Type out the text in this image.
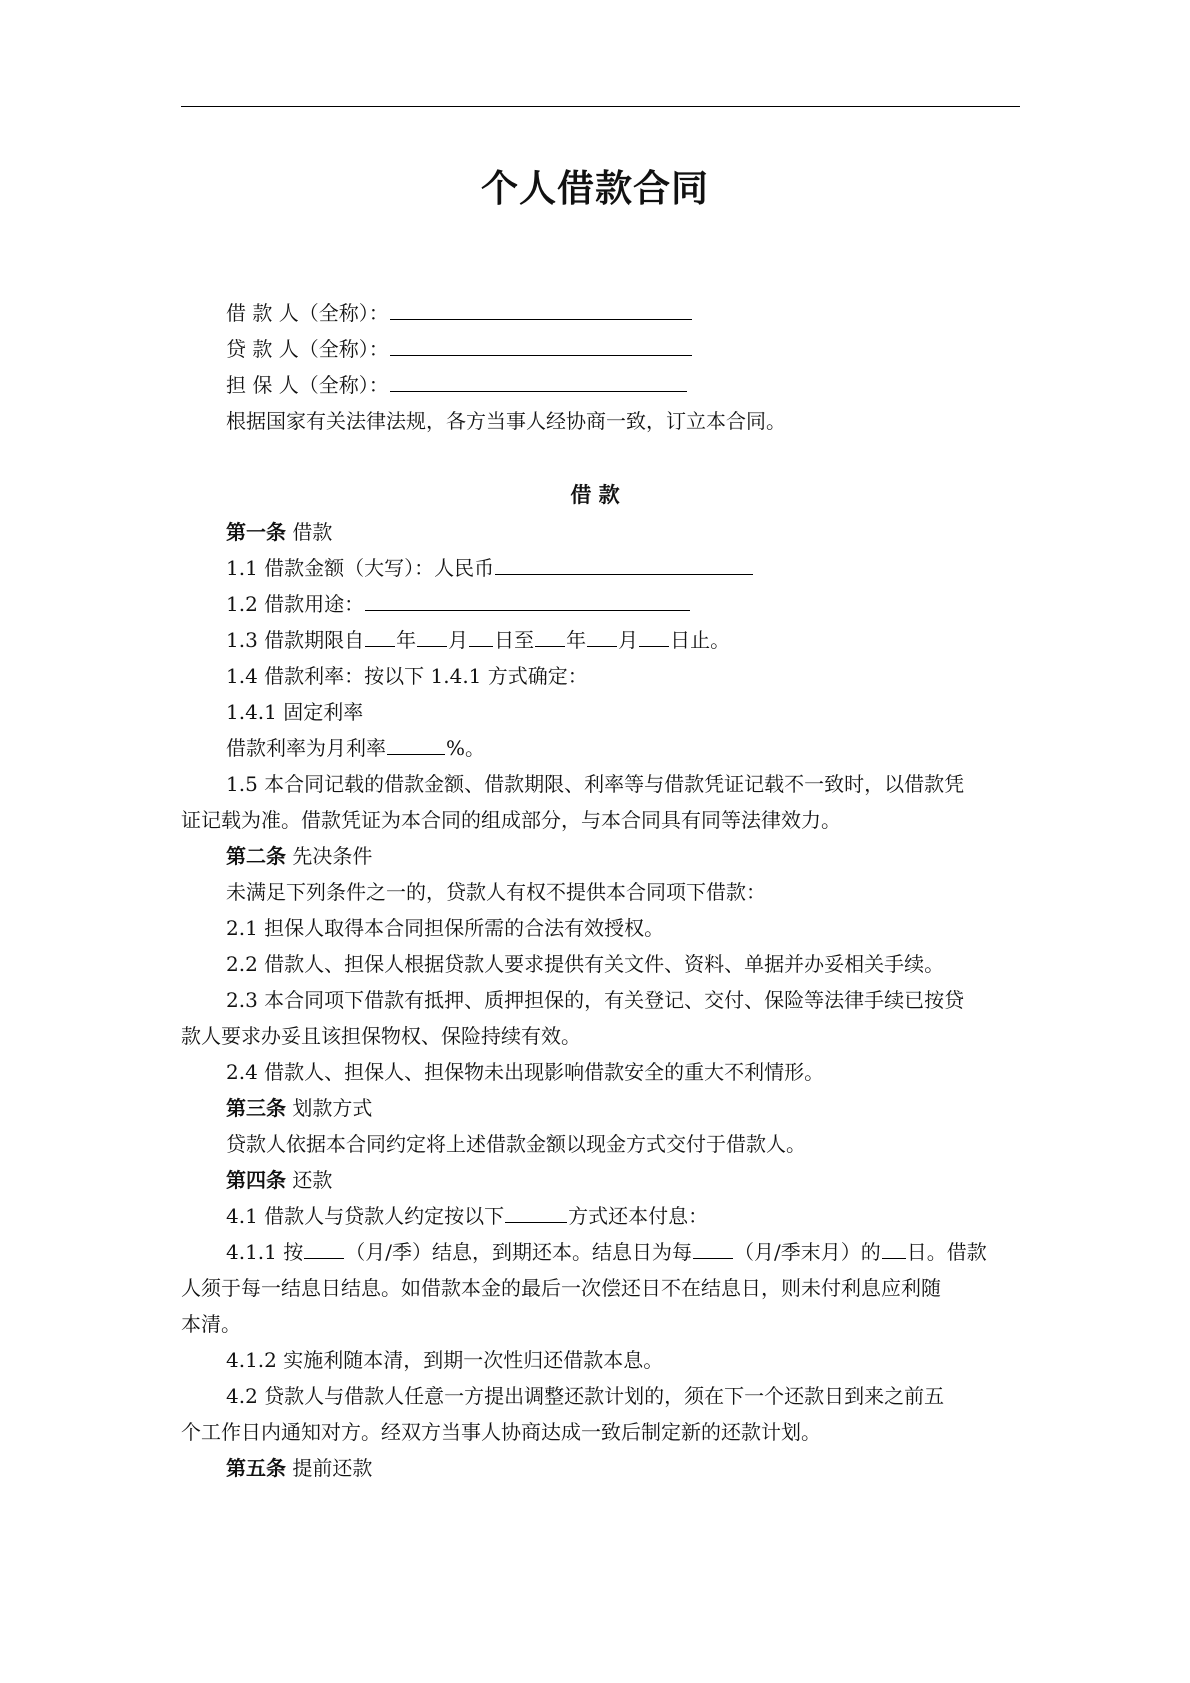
个人借款合同
借 款 人（全称）：
贷 款 人（全称）：
担 保 人（全称）：
根据国家有关法律法规，各方当事人经协商一致，订立本合同。
借 款
第一条 借款
1.1 借款金额（大写）：人民币
1.2 借款用途：
1.3 借款期限自 年 月 日至 年 月 日止。
1.4 借款利率：按以下 1.4.1 方式确定：
1.4.1 固定利率
借款利率为月利率	%。
1.5 本合同记载的借款金额、借款期限、利率等与借款凭证记载不一致时，以借款凭
证记载为准。借款凭证为本合同的组成部分，与本合同具有同等法律效力。
第二条 先决条件
未满足下列条件之一的，贷款人有权不提供本合同项下借款：
2.1 担保人取得本合同担保所需的合法有效授权。
2.2 借款人、担保人根据贷款人要求提供有关文件、资料、单据并办妥相关手续。
2.3 本合同项下借款有抵押、质押担保的，有关登记、交付、保险等法律手续已按贷
款人要求办妥且该担保物权、保险持续有效。
2.4 借款人、担保人、担保物未出现影响借款安全的重大不利情形。
第三条 划款方式
贷款人依据本合同约定将上述借款金额以现金方式交付于借款人。
第四条 还款
4.1 借款人与贷款人约定按以下	方式还本付息：
4.1.1 按 （月/季）结息，到期还本。结息日为每 （月/季末月）的 日。借款
人须于每一结息日结息。如借款本金的最后一次偿还日不在结息日，则未付利息应利随
本清。
4.1.2 实施利随本清，到期一次性归还借款本息。
4.2 贷款人与借款人任意一方提出调整还款计划的，须在下一个还款日到来之前五
个工作日内通知对方。经双方当事人协商达成一致后制定新的还款计划。
第五条 提前还款
